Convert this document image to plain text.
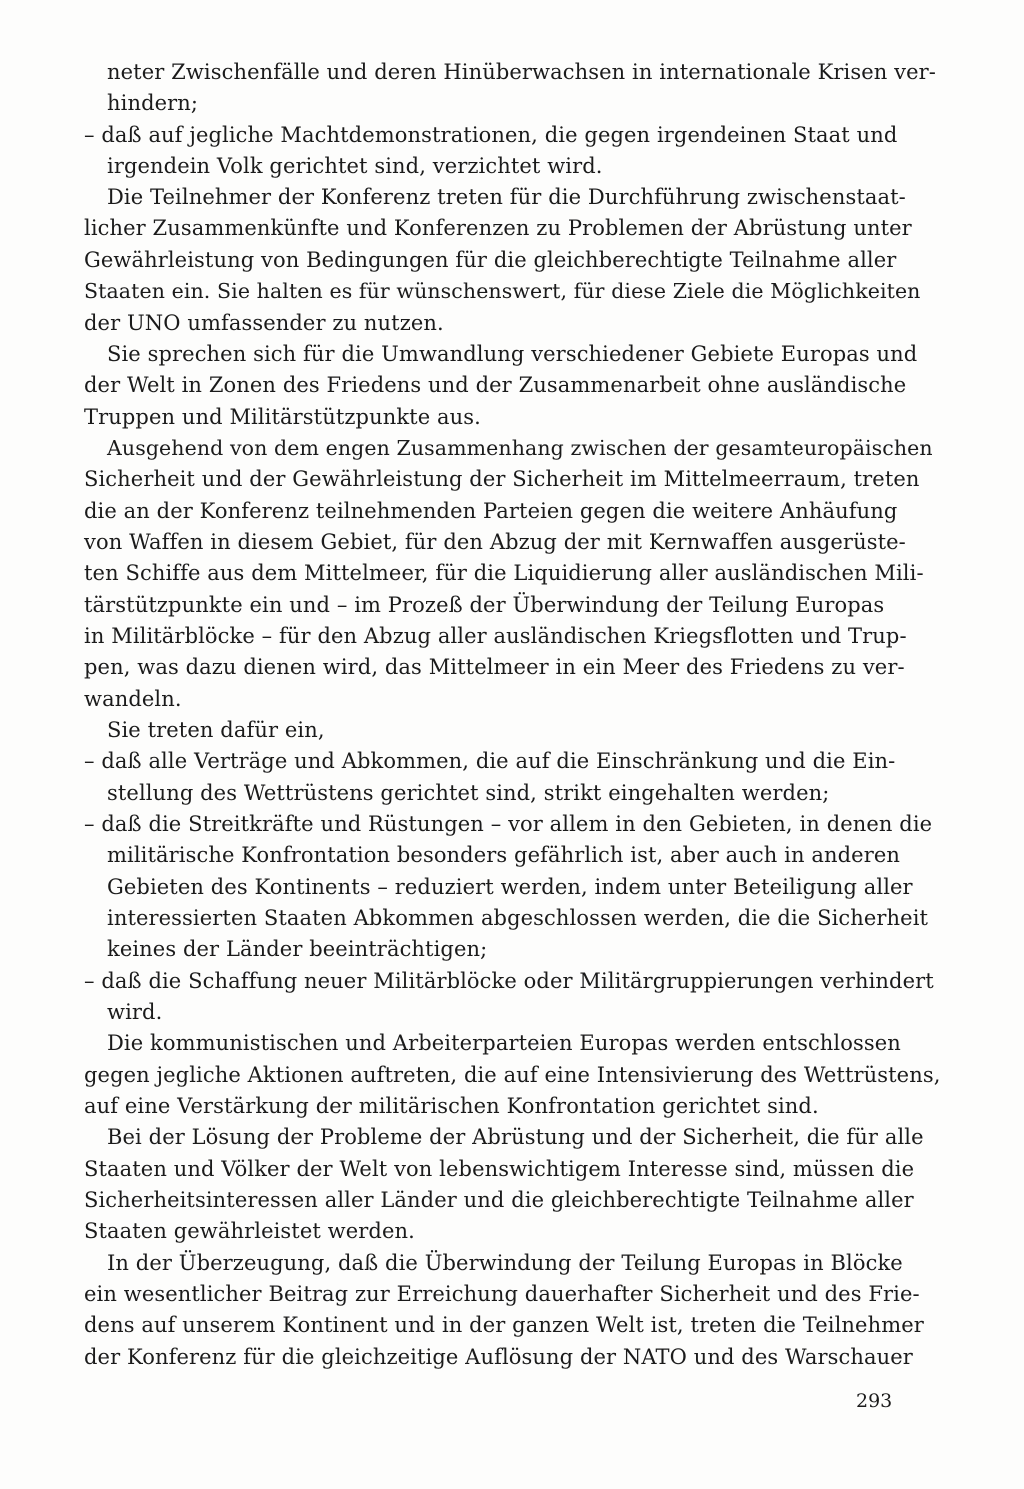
neter Zwischenfälle und deren Hinüberwachsen in internationale Krisen ver-
hindern;
– daß auf jegliche Machtdemonstrationen, die gegen irgendeinen Staat und
irgendein Volk gerichtet sind, verzichtet wird.
Die Teilnehmer der Konferenz treten für die Durchführung zwischenstaat-
licher Zusammenkünfte und Konferenzen zu Problemen der Abrüstung unter
Gewährleistung von Bedingungen für die gleichberechtigte Teilnahme aller
Staaten ein. Sie halten es für wünschenswert, für diese Ziele die Möglichkeiten
der UNO umfassender zu nutzen.
Sie sprechen sich für die Umwandlung verschiedener Gebiete Europas und
der Welt in Zonen des Friedens und der Zusammenarbeit ohne ausländische
Truppen und Militärstützpunkte aus.
Ausgehend von dem engen Zusammenhang zwischen der gesamteuropäischen
Sicherheit und der Gewährleistung der Sicherheit im Mittelmeerraum, treten
die an der Konferenz teilnehmenden Parteien gegen die weitere Anhäufung
von Waffen in diesem Gebiet, für den Abzug der mit Kernwaffen ausgerüste-
ten Schiffe aus dem Mittelmeer, für die Liquidierung aller ausländischen Mili-
tärstützpunkte ein und – im Prozeß der Überwindung der Teilung Europas
in Militärblöcke – für den Abzug aller ausländischen Kriegsflotten und Trup-
pen, was dazu dienen wird, das Mittelmeer in ein Meer des Friedens zu ver-
wandeln.
Sie treten dafür ein,
– daß alle Verträge und Abkommen, die auf die Einschränkung und die Ein-
stellung des Wettrüstens gerichtet sind, strikt eingehalten werden;
– daß die Streitkräfte und Rüstungen – vor allem in den Gebieten, in denen die
militärische Konfrontation besonders gefährlich ist, aber auch in anderen
Gebieten des Kontinents – reduziert werden, indem unter Beteiligung aller
interessierten Staaten Abkommen abgeschlossen werden, die die Sicherheit
keines der Länder beeinträchtigen;
– daß die Schaffung neuer Militärblöcke oder Militärgruppierungen verhindert
wird.
Die kommunistischen und Arbeiterparteien Europas werden entschlossen
gegen jegliche Aktionen auftreten, die auf eine Intensivierung des Wettrüstens,
auf eine Verstärkung der militärischen Konfrontation gerichtet sind.
Bei der Lösung der Probleme der Abrüstung und der Sicherheit, die für alle
Staaten und Völker der Welt von lebenswichtigem Interesse sind, müssen die
Sicherheitsinteressen aller Länder und die gleichberechtigte Teilnahme aller
Staaten gewährleistet werden.
In der Überzeugung, daß die Überwindung der Teilung Europas in Blöcke
ein wesentlicher Beitrag zur Erreichung dauerhafter Sicherheit und des Frie-
dens auf unserem Kontinent und in der ganzen Welt ist, treten die Teilnehmer
der Konferenz für die gleichzeitige Auflösung der NATO und des Warschauer
293
